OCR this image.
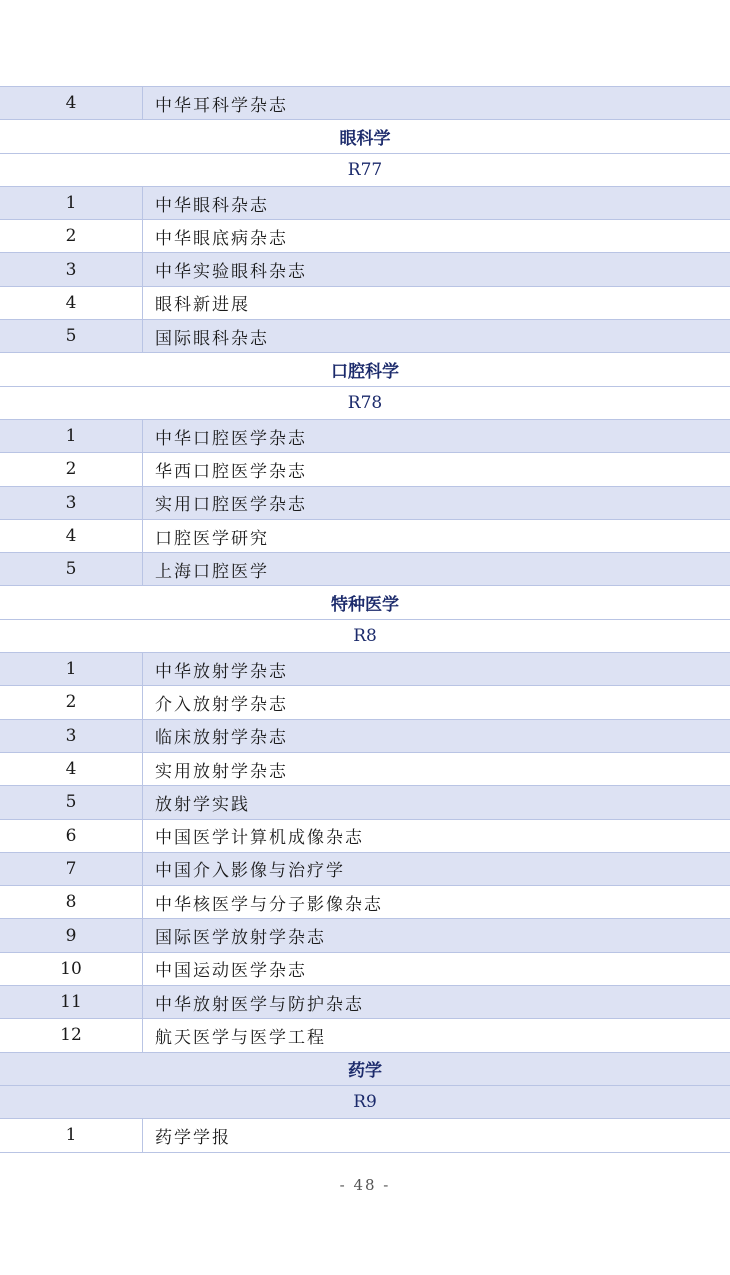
4	中华耳科学杂志
眼科学
R77
1	中华眼科杂志
2	中华眼底病杂志
3	中华实验眼科杂志
4	眼科新进展
5	国际眼科杂志
口腔科学
R78
1	中华口腔医学杂志
2	华西口腔医学杂志
3	实用口腔医学杂志
4	口腔医学研究
5	上海口腔医学
特种医学
R8
1	中华放射学杂志
2	介入放射学杂志
3	临床放射学杂志
4	实用放射学杂志
5	放射学实践
6	中国医学计算机成像杂志
7	中国介入影像与治疗学
8	中华核医学与分子影像杂志
9	国际医学放射学杂志
10	中国运动医学杂志
11	中华放射医学与防护杂志
12	航天医学与医学工程
药学
R9
1	药学学报
- 48 -
